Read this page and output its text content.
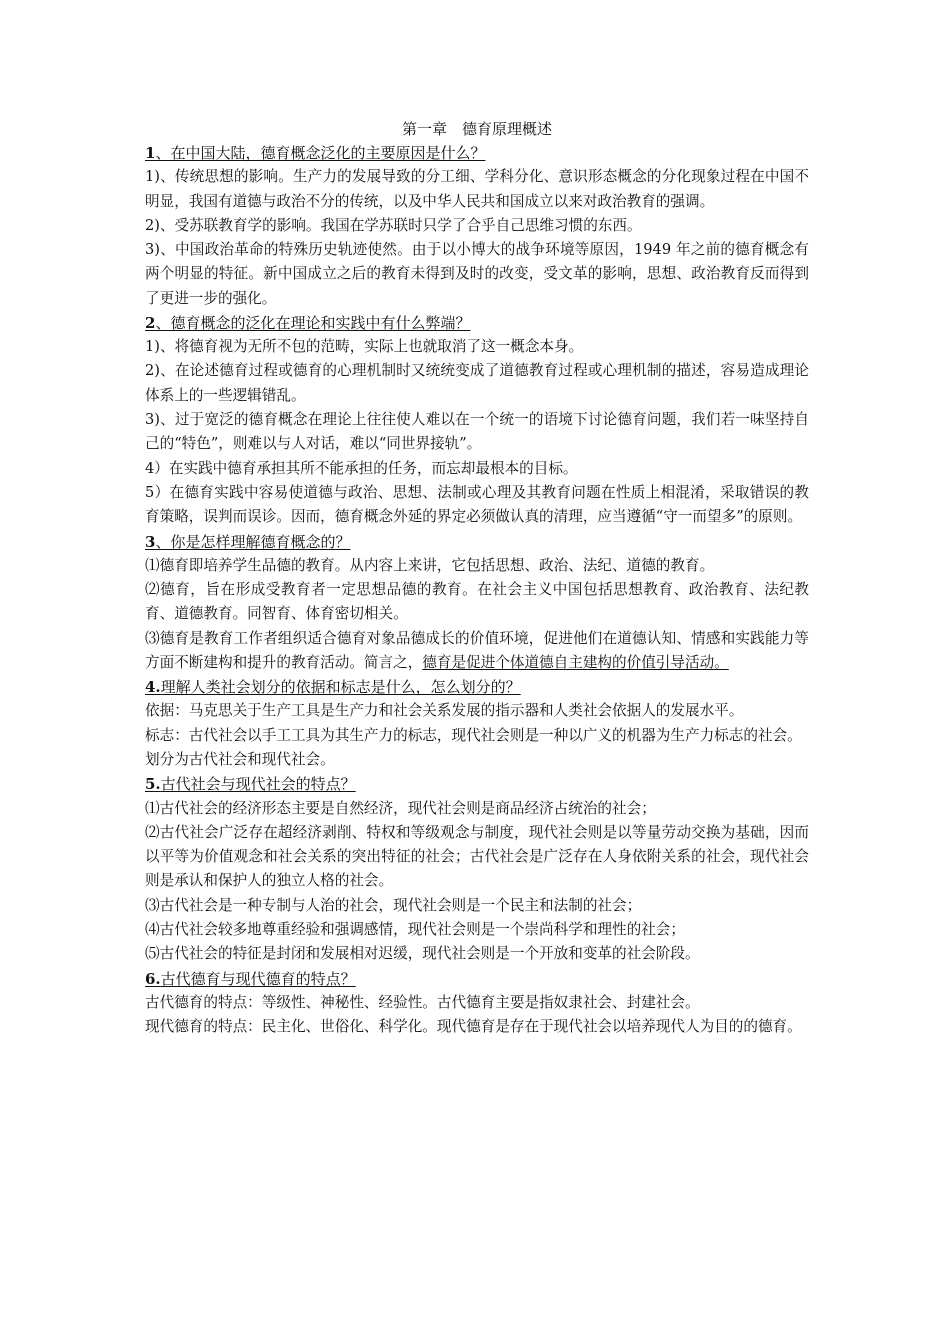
第一章　德育原理概述

1、在中国大陆，德育概念泛化的主要原因是什么？

1)、传统思想的影响。生产力的发展导致的分工细、学科分化、意识形态概念的分化现象过程在中国不明显，我国有道德与政治不分的传统，以及中华人民共和国成立以来对政治教育的强调。

2)、受苏联教育学的影响。我国在学苏联时只学了合乎自己思维习惯的东西。

3)、中国政治革命的特殊历史轨迹使然。由于以小博大的战争环境等原因，1949 年之前的德育概念有两个明显的特征。新中国成立之后的教育未得到及时的改变，受文革的影响，思想、政治教育反而得到了更进一步的强化。

2、德育概念的泛化在理论和实践中有什么弊端？

1)、将德育视为无所不包的范畴，实际上也就取消了这一概念本身。

2)、在论述德育过程或德育的心理机制时又统统变成了道德教育过程或心理机制的描述，容易造成理论体系上的一些逻辑错乱。

3)、过于宽泛的德育概念在理论上往往使人难以在一个统一的语境下讨论德育问题，我们若一味坚持自己的“特色”，则难以与人对话，难以“同世界接轨”。

4）在实践中德育承担其所不能承担的任务，而忘却最根本的目标。

5）在德育实践中容易使道德与政治、思想、法制或心理及其教育问题在性质上相混淆，采取错误的教育策略，误判而误诊。因而，德育概念外延的界定必须做认真的清理，应当遵循“守一而望多”的原则。

3、你是怎样理解德育概念的？

⑴德育即培养学生品德的教育。从内容上来讲，它包括思想、政治、法纪、道德的教育。

⑵德育，旨在形成受教育者一定思想品德的教育。在社会主义中国包括思想教育、政治教育、法纪教育、道德教育。同智育、体育密切相关。

⑶德育是教育工作者组织适合德育对象品德成长的价值环境，促进他们在道德认知、情感和实践能力等方面不断建构和提升的教育活动。简言之，德育是促进个体道德自主建构的价值引导活动。

4.理解人类社会划分的依据和标志是什么，怎么划分的？

依据：马克思关于生产工具是生产力和社会关系发展的指示器和人类社会依据人的发展水平。

标志：古代社会以手工工具为其生产力的标志，现代社会则是一种以广义的机器为生产力标志的社会。

划分为古代社会和现代社会。

5.古代社会与现代社会的特点？

⑴古代社会的经济形态主要是自然经济，现代社会则是商品经济占统治的社会；

⑵古代社会广泛存在超经济剥削、特权和等级观念与制度，现代社会则是以等量劳动交换为基础，因而以平等为价值观念和社会关系的突出特征的社会；古代社会是广泛存在人身依附关系的社会，现代社会则是承认和保护人的独立人格的社会。

⑶古代社会是一种专制与人治的社会，现代社会则是一个民主和法制的社会；

⑷古代社会较多地尊重经验和强调感情，现代社会则是一个崇尚科学和理性的社会；

⑸古代社会的特征是封闭和发展相对迟缓，现代社会则是一个开放和变革的社会阶段。

6.古代德育与现代德育的特点？

古代德育的特点：等级性、神秘性、经验性。古代德育主要是指奴隶社会、封建社会。

现代德育的特点：民主化、世俗化、科学化。现代德育是存在于现代社会以培养现代人为目的的德育。
